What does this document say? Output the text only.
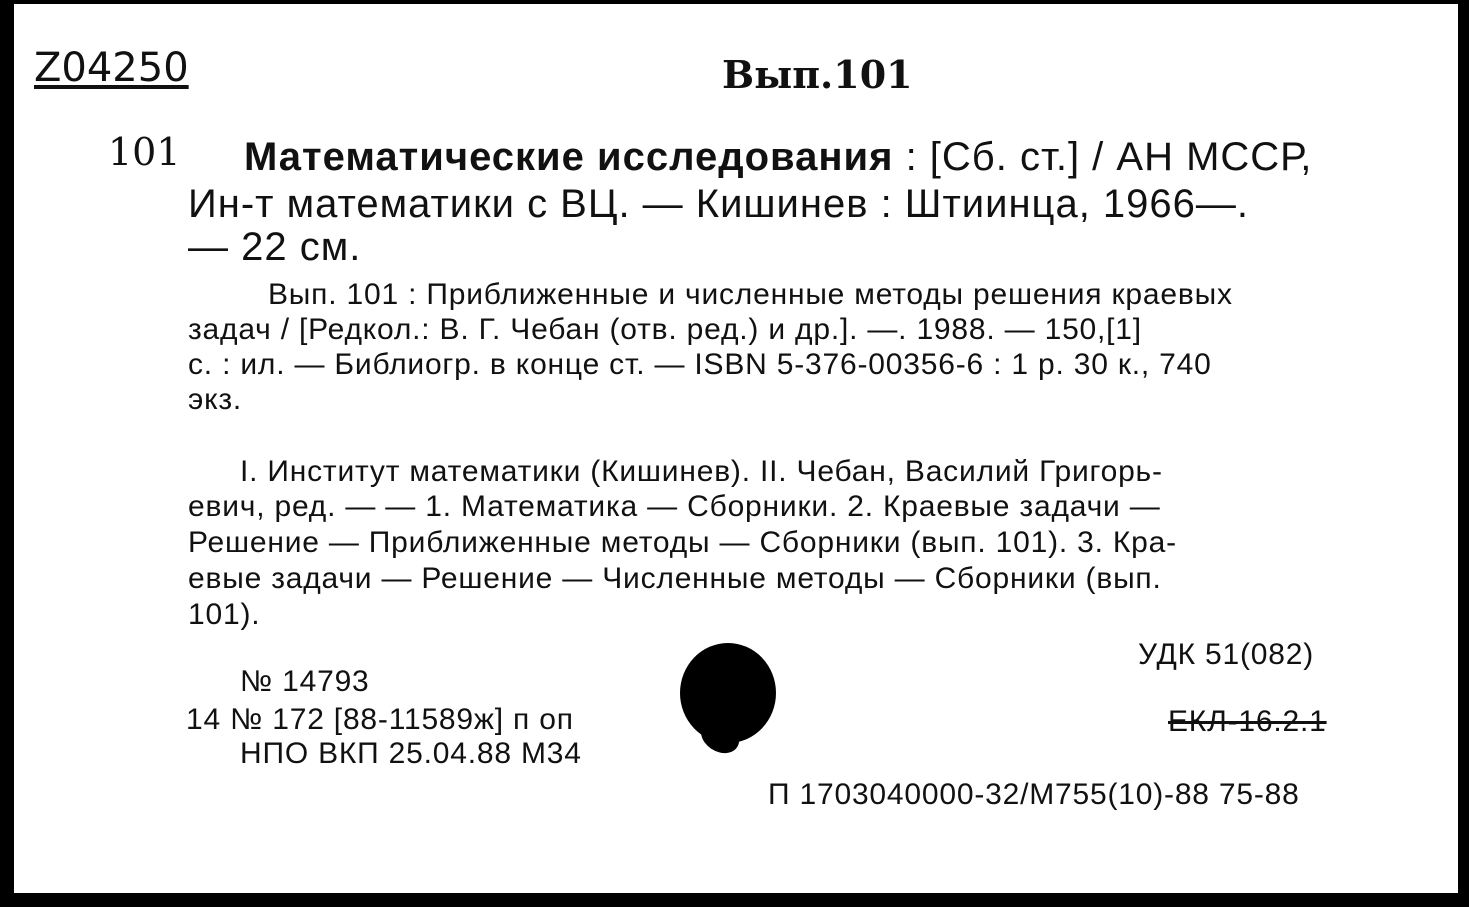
Z04250	Вып.101
101 Математические исследования : [Сб. ст.] / АН МССР,
Ин-т математики с ВЦ. — Кишинев : Штиинца, 1966—.
— 22 см.
Вып. 101 : Приближенные и численные методы решения краевых
задач / [Редкол.: В. Г. Чебан (отв. ред.) и др.]. —. 1988. — 150,[1]
с. : ил. — Библиогр. в конце ст. — ISBN 5-376-00356-6 : 1 р. 30 к., 740
экз.
I. Институт математики (Кишинев). II. Чебан, Василий Григорь-
евич, ред. — — 1. Математика — Сборники. 2. Краевые задачи —
Решение — Приближенные методы — Сборники (вып. 101). 3. Кра-
евые задачи — Решение — Численные методы — Сборники (вып.
101).
УДК 51(082)
ЕКЛ-16.2.1
№ 14793
14 № 172 [88-11589ж] п оп
НПО ВКП 25.04.88 М34
П 1703040000-32/М755(10)-88 75-88
